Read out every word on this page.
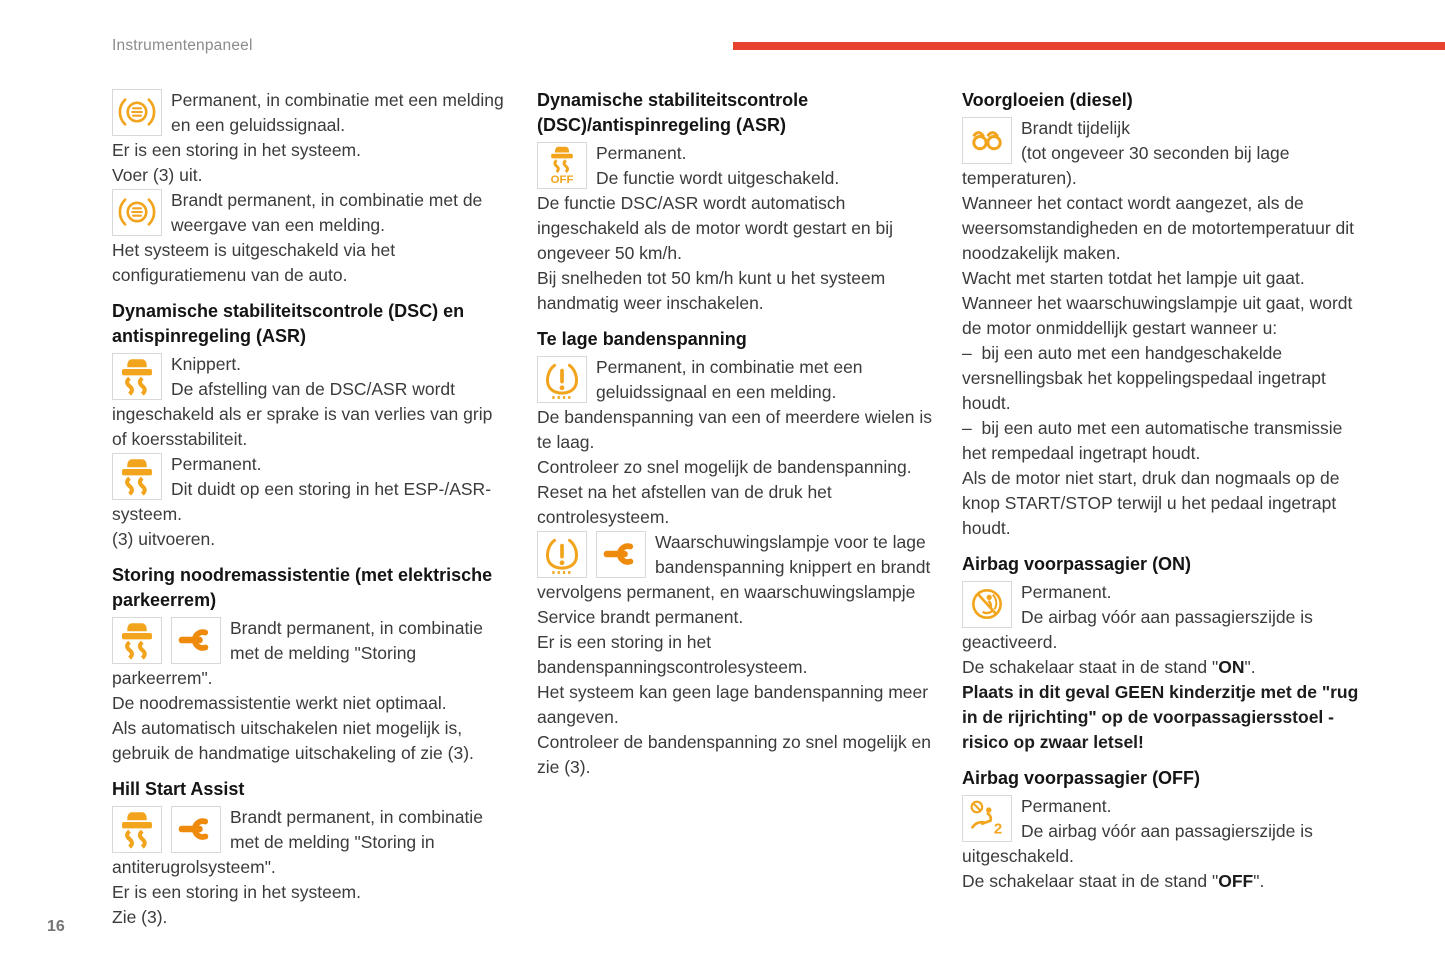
Instrumentenpaneel

Permanent, in combinatie met een melding en een geluidssignaal.

Er is een storing in het systeem.

Voer (3) uit.

Brandt permanent, in combinatie met de weergave van een melding.

Het systeem is uitgeschakeld via het configuratiemenu van de auto.

Dynamische stabiliteitscontrole (DSC) en antispinregeling (ASR)

Knippert.

De afstelling van de DSC/ASR wordt ingeschakeld als er sprake is van verlies van grip of koersstabiliteit.

Permanent.

Dit duidt op een storing in het ESP-/ASR-systeem.

(3) uitvoeren.

Storing noodremassistentie (met elektrische parkeerrem)

Brandt permanent, in combinatie met de melding "Storing parkeerrem".

De noodremassistentie werkt niet optimaal.

Als automatisch uitschakelen niet mogelijk is, gebruik de handmatige uitschakeling of zie (3).

Hill Start Assist

Brandt permanent, in combinatie met de melding "Storing in antiterugrolsysteem".

Er is een storing in het systeem.

Zie (3).

Dynamische stabiliteitscontrole (DSC)/antispinregeling (ASR)
OFF

Permanent.

De functie wordt uitgeschakeld.

De functie DSC/ASR wordt automatisch ingeschakeld als de motor wordt gestart en bij ongeveer 50 km/h.

Bij snelheden tot 50 km/h kunt u het systeem handmatig weer inschakelen.

Te lage bandenspanning

Permanent, in combinatie met een geluidssignaal en een melding.

De bandenspanning van een of meerdere wielen is te laag.

Controleer zo snel mogelijk de bandenspanning.

Reset na het afstellen van de druk het controlesysteem.

Waarschuwingslampje voor te lage bandenspanning knippert en brandt vervolgens permanent, en waarschuwingslampje Service brandt permanent.

Er is een storing in het bandenspanningscontrolesysteem.

Het systeem kan geen lage bandenspanning meer aangeven.

Controleer de bandenspanning zo snel mogelijk en zie (3).

Voorgloeien (diesel)

Brandt tijdelijk

(tot ongeveer 30 seconden bij lage temperaturen).

Wanneer het contact wordt aangezet, als de weersomstandigheden en de motortemperatuur dit noodzakelijk maken.

Wacht met starten totdat het lampje uit gaat.

Wanneer het waarschuwingslampje uit gaat, wordt de motor onmiddellijk gestart wanneer u:

–  bij een auto met een handgeschakelde versnellingsbak het koppelingspedaal ingetrapt houdt.

–  bij een auto met een automatische transmissie het rempedaal ingetrapt houdt.

Als de motor niet start, druk dan nogmaals op de knop START/STOP terwijl u het pedaal ingetrapt houdt.

Airbag voorpassagier (ON)

Permanent.

De airbag vóór aan passagierszijde is geactiveerd.

De schakelaar staat in de stand "ON".

Plaats in dit geval GEEN kinderzitje met de "rug in de rijrichting" op de voorpassagiersstoel - risico op zwaar letsel!

Airbag voorpassagier (OFF)
2

Permanent.

De airbag vóór aan passagierszijde is uitgeschakeld.

De schakelaar staat in de stand "OFF".

16
